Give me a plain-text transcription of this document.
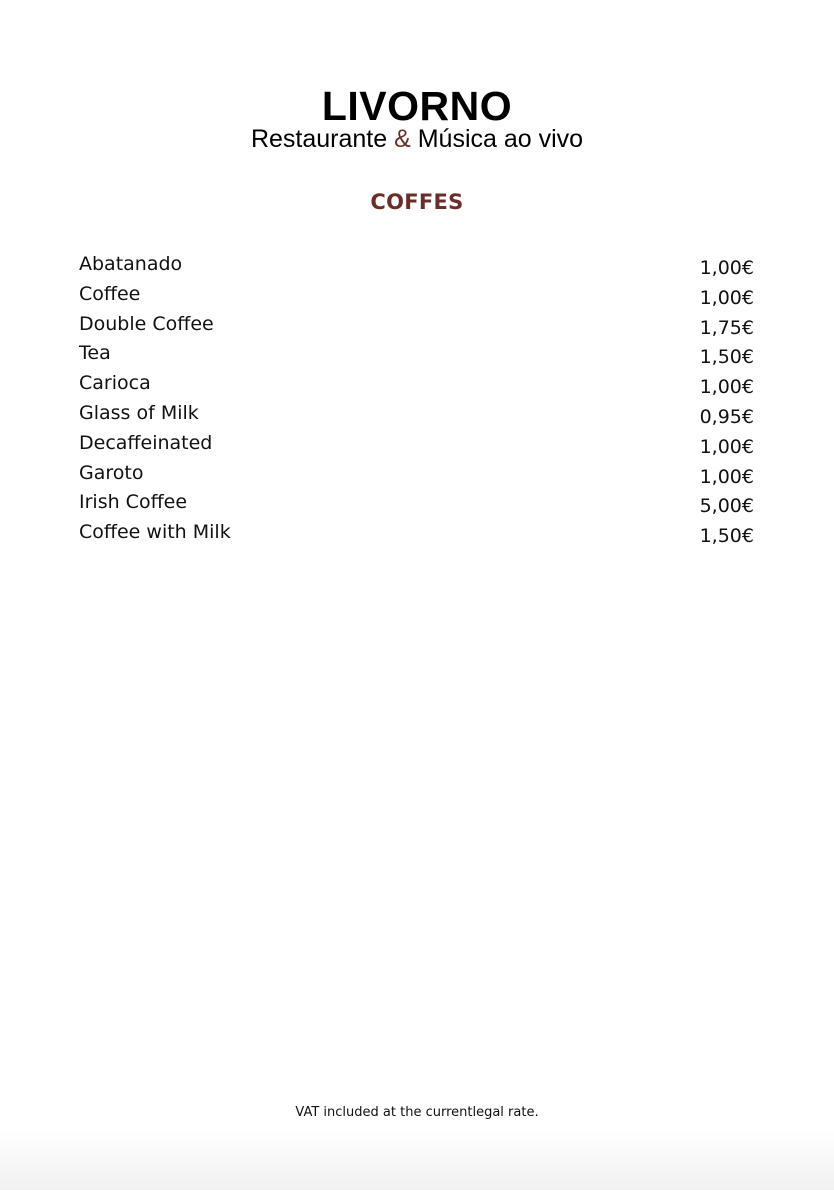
LIVORNO
Restaurante & Música ao vivo
COFFES
Abatanado	1,00€
Coffee	1,00€
Double Coffee	1,75€
Tea	1,50€
Carioca	1,00€
Glass of Milk	0,95€
Decaffeinated	1,00€
Garoto	1,00€
Irish Coffee	5,00€
Coffee with Milk	1,50€
VAT included at the currentlegal rate.
